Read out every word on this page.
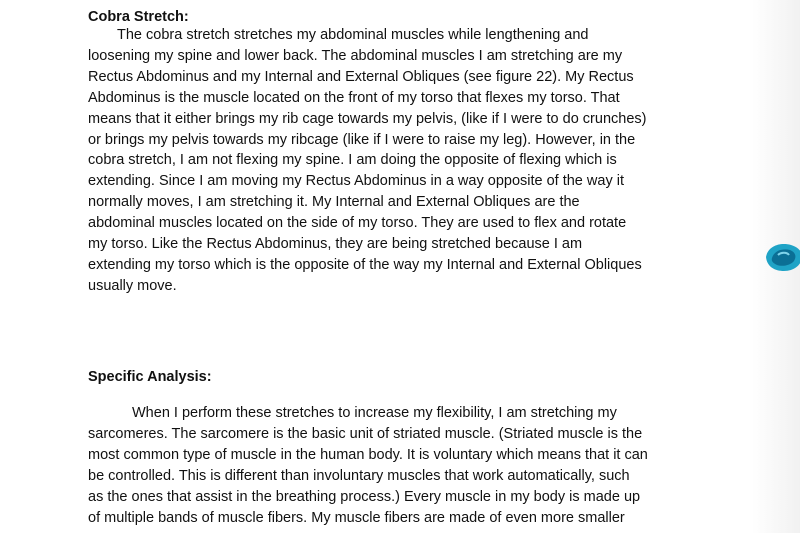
Cobra Stretch:
The cobra stretch stretches my abdominal muscles while lengthening and
loosening my spine and lower back. The abdominal muscles I am stretching are my
Rectus Abdominus and my Internal and External Obliques (see figure 22). My Rectus
Abdominus is the muscle located on the front of my torso that flexes my torso. That
means that it either brings my rib cage towards my pelvis, (like if I were to do crunches)
or brings my pelvis towards my ribcage (like if I were to raise my leg). However, in the
cobra stretch, I am not flexing my spine. I am doing the opposite of flexing which is
extending. Since I am moving my Rectus Abdominus in a way opposite of the way it
normally moves, I am stretching it. My Internal and External Obliques are the
abdominal muscles located on the side of my torso. They are used to flex and rotate
my torso. Like the Rectus Abdominus, they are being stretched because I am
extending my torso which is the opposite of the way my Internal and External Obliques
usually move.
Specific Analysis:
When I perform these stretches to increase my flexibility, I am stretching my
sarcomeres. The sarcomere is the basic unit of striated muscle. (Striated muscle is the
most common type of muscle in the human body. It is voluntary which means that it can
be controlled. This is different than involuntary muscles that work automatically, such
as the ones that assist in the breathing process.) Every muscle in my body is made up
of multiple bands of muscle fibers. My muscle fibers are made of even more smaller
